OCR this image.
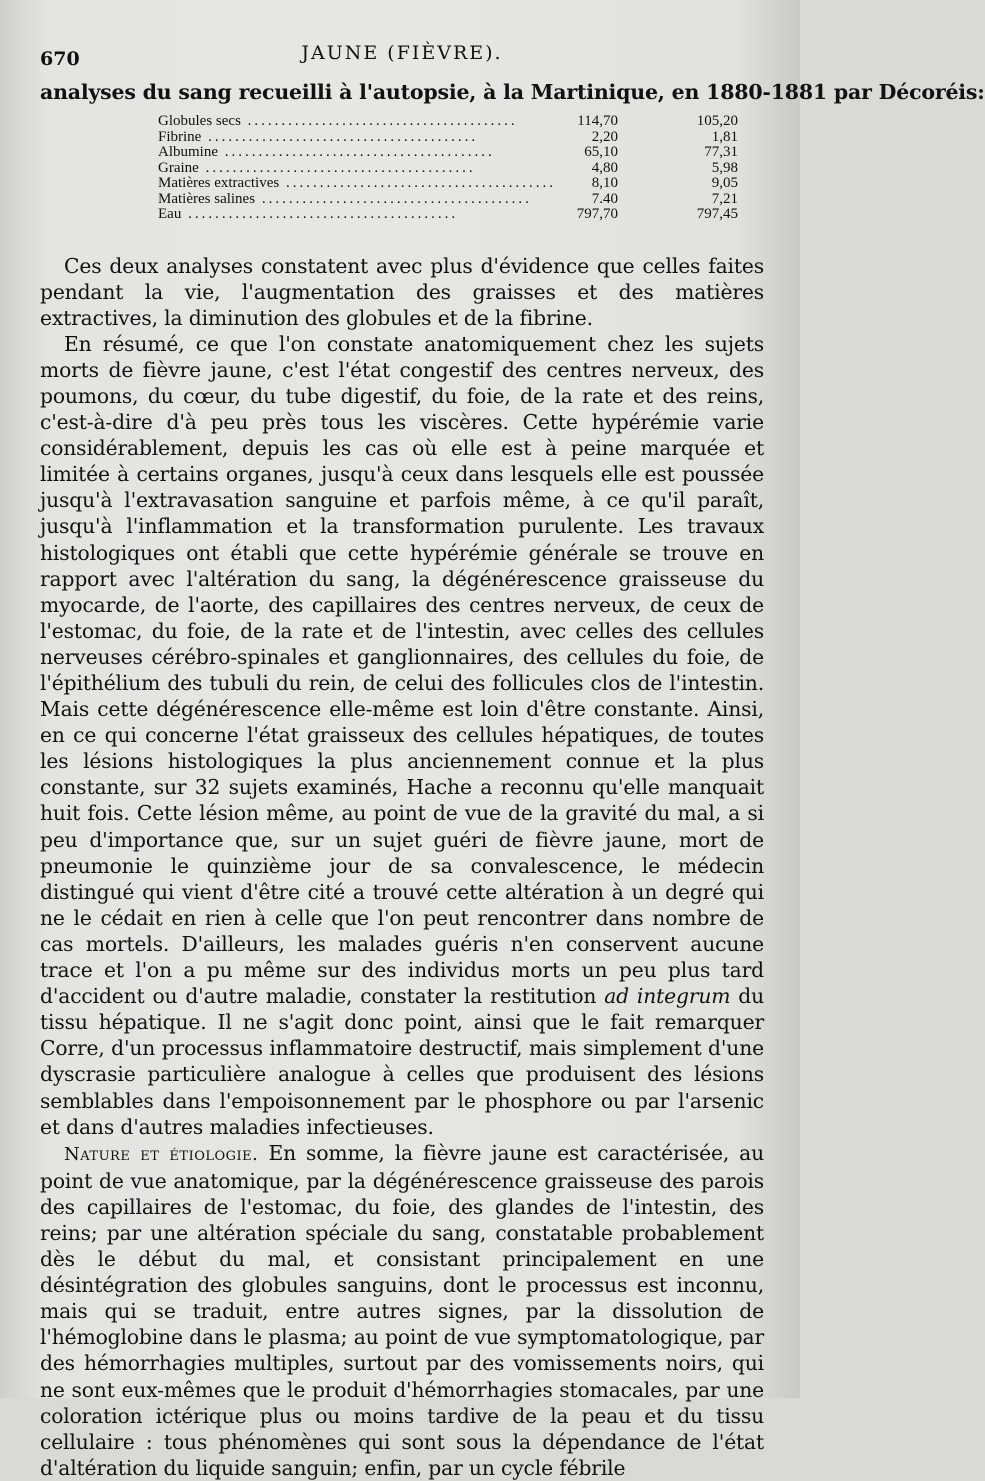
670	JAUNE (FIÈVRE).
analyses du sang recueilli à l'autopsie, à la Martinique, en 1880-1881 par Décoréis:
Globules secs ........................................	114,70	105,20
Fibrine ........................................	2,20	1,81
Albumine ........................................	65,10	77,31
Graine ........................................	4,80	5,98
Matières extractives ........................................	8,10	9,05
Matières salines ........................................	7.40	7,21
Eau ........................................	797,70	797,45

Ces deux analyses constatent avec plus d'évidence que celles faites pendant la vie, l'augmentation des graisses et des matières extractives, la diminution des globules et de la fibrine.

En résumé, ce que l'on constate anatomiquement chez les sujets morts de fièvre jaune, c'est l'état congestif des centres nerveux, des poumons, du cœur, du tube digestif, du foie, de la rate et des reins, c'est-à-dire d'à peu près tous les viscères. Cette hypérémie varie considérablement, depuis les cas où elle est à peine marquée et limitée à certains organes, jusqu'à ceux dans lesquels elle est poussée jusqu'à l'extravasation sanguine et parfois même, à ce qu'il paraît, jusqu'à l'inflammation et la transformation purulente. Les travaux histologiques ont établi que cette hypérémie générale se trouve en rapport avec l'altération du sang, la dégénérescence graisseuse du myocarde, de l'aorte, des capillaires des centres nerveux, de ceux de l'estomac, du foie, de la rate et de l'intestin, avec celles des cellules nerveuses cérébro-spinales et ganglionnaires, des cellules du foie, de l'épithélium des tubuli du rein, de celui des follicules clos de l'intestin. Mais cette dégénérescence elle-même est loin d'être constante. Ainsi, en ce qui concerne l'état graisseux des cellules hépatiques, de toutes les lésions histologiques la plus anciennement connue et la plus constante, sur 32 sujets examinés, Hache a reconnu qu'elle manquait huit fois. Cette lésion même, au point de vue de la gravité du mal, a si peu d'importance que, sur un sujet guéri de fièvre jaune, mort de pneumonie le quinzième jour de sa convalescence, le médecin distingué qui vient d'être cité a trouvé cette altération à un degré qui ne le cédait en rien à celle que l'on peut rencontrer dans nombre de cas mortels. D'ailleurs, les malades guéris n'en conservent aucune trace et l'on a pu même sur des individus morts un peu plus tard d'accident ou d'autre maladie, constater la restitution ad integrum du tissu hépatique. Il ne s'agit donc point, ainsi que le fait remarquer Corre, d'un processus inflammatoire destructif, mais simplement d'une dyscrasie particulière analogue à celles que produisent des lésions semblables dans l'empoisonnement par le phosphore ou par l'arsenic et dans d'autres maladies infectieuses.

Nature et étiologie. En somme, la fièvre jaune est caractérisée, au point de vue anatomique, par la dégénérescence graisseuse des parois des capillaires de l'estomac, du foie, des glandes de l'intestin, des reins; par une altération spéciale du sang, constatable probablement dès le début du mal, et consistant principalement en une désintégration des globules sanguins, dont le processus est inconnu, mais qui se traduit, entre autres signes, par la dissolution de l'hémoglobine dans le plasma; au point de vue symptomatologique, par des hémorrhagies multiples, surtout par des vomissements noirs, qui ne sont eux-mêmes que le produit d'hémorrhagies stomacales, par une coloration ictérique plus ou moins tardive de la peau et du tissu cellulaire : tous phénomènes qui sont sous la dépendance de l'état d'altération du liquide sanguin; enfin, par un cycle fébrile
